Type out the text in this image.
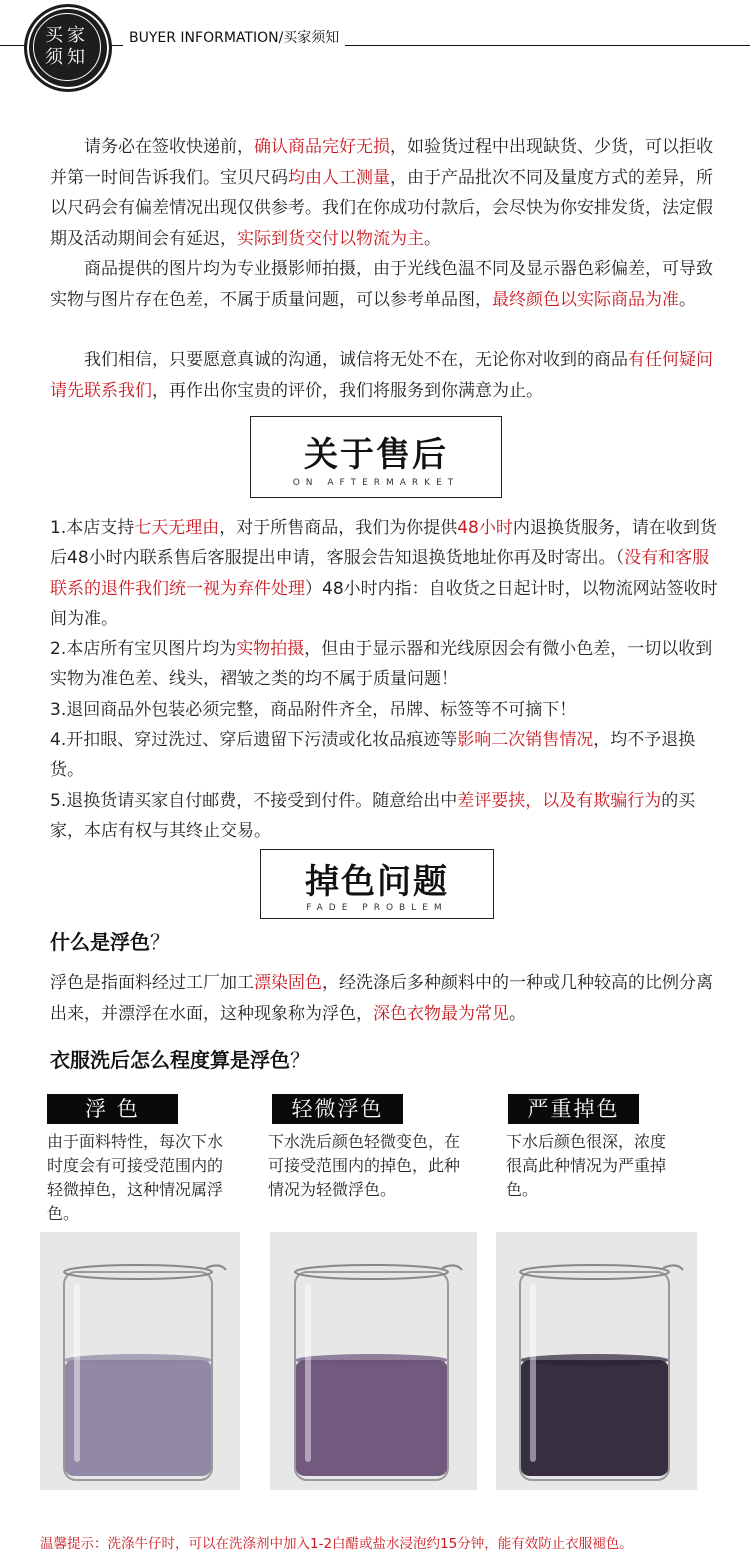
买家
须知
BUYER INFORMATION/买家须知
请务必在签收快递前，确认商品完好无损，如验货过程中出现缺货、少货，可以拒收并第一时间告诉我们。宝贝尺码均由人工测量，由于产品批次不同及量度方式的差异，所以尺码会有偏差情况出现仅供参考。我们在你成功付款后，会尽快为你安排发货，法定假期及活动期间会有延迟，实际到货交付以物流为主。
商品提供的图片均为专业摄影师拍摄，由于光线色温不同及显示器色彩偏差，可导致实物与图片存在色差，不属于质量问题，可以参考单品图，最终颜色以实际商品为准。
我们相信，只要愿意真诚的沟通，诚信将无处不在，无论你对收到的商品有任何疑问请先联系我们，再作出你宝贵的评价，我们将服务到你满意为止。
关于售后
ON AFTERMARKET

1.本店支持七天无理由，对于所售商品，我们为你提供48小时内退换货服务，请在收到货后48小时内联系售后客服提出申请，客服会告知退换货地址你再及时寄出。（没有和客服联系的退件我们统一视为弃件处理）48小时内指：自收货之日起计时，以物流网站签收时间为准。

2.本店所有宝贝图片均为实物拍摄，但由于显示器和光线原因会有微小色差，一切以收到实物为准色差、线头，褶皱之类的均不属于质量问题！

3.退回商品外包装必须完整，商品附件齐全，吊牌、标签等不可摘下！

4.开扣眼、穿过洗过、穿后遗留下污渍或化妆品痕迹等影响二次销售情况，均不予退换货。

5.退换货请买家自付邮费，不接受到付件。随意给出中差评要挟，以及有欺骗行为的买家，本店有权与其终止交易。

掉色问题
FADE PROBLEM
什么是浮色？
浮色是指面料经过工厂加工漂染固色，经洗涤后多种颜料中的一种或几种较高的比例分离出来，并漂浮在水面，这种现象称为浮色，深色衣物最为常见。
衣服洗后怎么程度算是浮色？
浮 色	轻微浮色	严重掉色
由于面料特性，每次下水时度会有可接受范围内的轻微掉色，这种情况属浮色。
下水洗后颜色轻微变色，在可接受范围内的掉色，此种情况为轻微浮色。
下水后颜色很深，浓度很高此种情况为严重掉色。
温馨提示：洗涤牛仔时，可以在洗涤剂中加入1-2白醋或盐水浸泡约15分钟，能有效防止衣服褪色。
